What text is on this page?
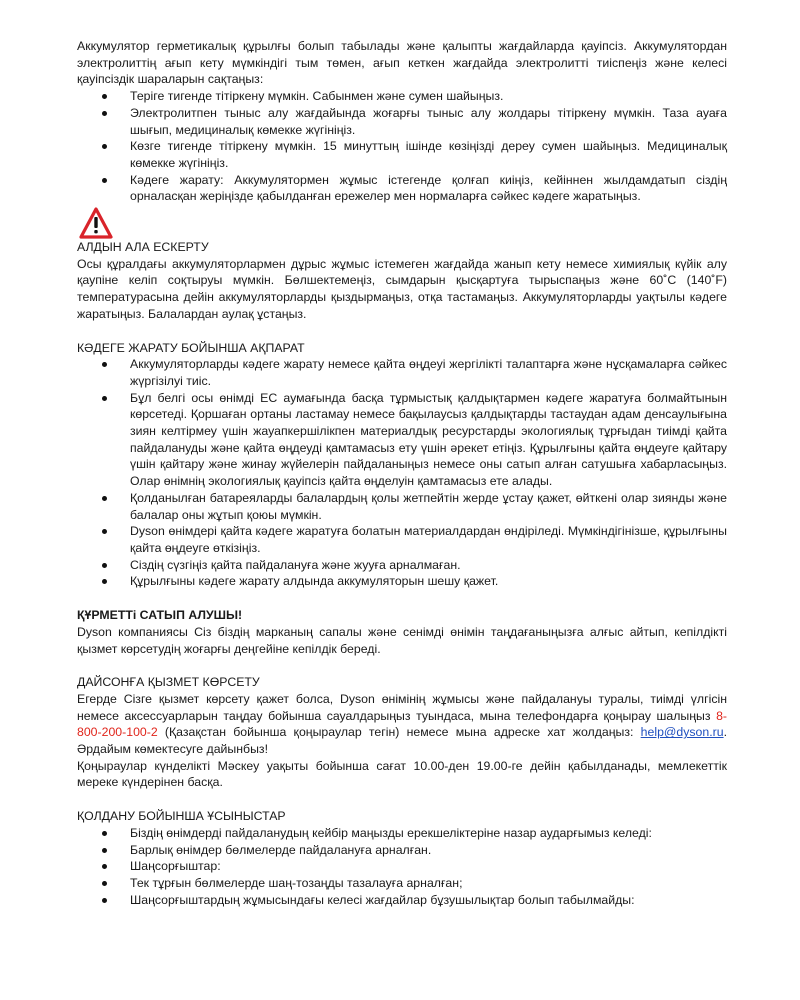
Аккумулятор герметикалық құрылғы болып табылады және қалыпты жағдайларда қауіпсіз. Аккумулятордан электролиттің ағып кету мүмкіндігі тым төмен, ағып кеткен жағдайда электролитті тиіспеңіз және келесі қауіпсіздік шараларын сақтаңыз:

Теріге тигенде тітіркену мүмкін. Сабынмен және сумен шайыңыз.
Электролитпен тыныс алу жағдайында жоғарғы тыныс алу жолдары тітіркену мүмкін. Таза ауаға шығып, медициналық көмекке жүгініңіз.
Көзге тигенде тітіркену мүмкін. 15 минуттың ішінде көзіңізді дереу сумен шайыңыз. Медициналық көмекке жүгініңіз.
Кәдеге жарату: Аккумулятормен жұмыс істегенде қолғап киіңіз, кейіннен жылдамдатып сіздің орналасқан жеріңізде қабылданған ережелер мен нормаларға сәйкес кәдеге жаратыңыз.

АЛДЫН АЛА ЕСКЕРТУ

Осы құралдағы аккумуляторлармен дұрыс жұмыс істемеген жағдайда жанып кету немесе химиялық күйік алу қаупіне келіп соқтыруы мүмкін. Бөлшектемеңіз, сымдарын қысқартуға тырыспаңыз және 60˚C (140˚F) температурасына дейін аккумуляторларды қыздырмаңыз, отқа тастамаңыз. Аккумуляторларды уақтылы кәдеге жаратыңыз. Балалардан аулақ ұстаңыз.

КӘДЕГЕ ЖАРАТУ БОЙЫНША АҚПАРАТ

Аккумуляторларды кәдеге жарату немесе қайта өңдеуі жергілікті талаптарға және нұсқамаларға сәйкес жүргізілуі тиіс.
Бұл белгі осы өнімді ЕС аумағында басқа тұрмыстық қалдықтармен кәдеге жаратуға болмайтынын көрсетеді. Қоршаған ортаны ластамау немесе бақылаусыз қалдықтарды тастаудан адам денсаулығына зиян келтірмеу үшін жауапкершілікпен материалдық ресурстарды экологиялық тұрғыдан тиімді қайта пайдалануды және қайта өңдеуді қамтамасыз ету үшін әрекет етіңіз. Құрылғыны қайта өңдеуге қайтару үшін қайтару және жинау жүйелерін пайдаланыңыз немесе оны сатып алған сатушыға хабарласыңыз. Олар өнімнің экологиялық қауіпсіз қайта өңделуін қамтамасыз ете алады.
Қолданылған батареяларды балалардың қолы жетпейтін жерде ұстау қажет, өйткені олар зиянды және балалар оны жұтып қоюы мүмкін.
Dyson өнімдері қайта кәдеге жаратуға болатын материалдардан өндіріледі. Мүмкіндігінізше, құрылғыны қайта өңдеуге өткізіңіз.
Сіздің сүзгіңіз қайта пайдалануға және жууға арналмаған.
Құрылғыны кәдеге жарату алдында аккумуляторын шешу қажет.

ҚҰРМЕТТі САТЫП АЛУШЫ!

Dyson компаниясы Сіз біздің марканың сапалы және сенімді өнімін таңдағаныңызға алғыс айтып, кепілдікті қызмет көрсетудің жоғарғы деңгейіне кепілдік береді.

ДАЙСОНҒА ҚЫЗМЕТ КӨРСЕТУ

Егерде Сізге қызмет көрсету қажет болса, Dyson өнімінің жұмысы және пайдалануы туралы, тиімді үлгісін немесе аксессуарларын таңдау бойынша сауалдарыңыз туындаса, мына телефондарға қоңырау шалыңыз 8-800-200-100-2 (Қазақстан бойынша қоңыраулар тегін) немесе мына адреске хат жолдаңыз: help@dyson.ru. Әрдайым көмектесуге дайынбыз!

Қоңыраулар күнделікті Мәскеу уақыты бойынша сағат 10.00-ден 19.00-ге дейін қабылданады, мемлекеттік мереке күндерінен басқа.

ҚОЛДАНУ БОЙЫНША ҰСЫНЫСТАР

Біздің өнімдерді пайдаланудың кейбір маңызды ерекшеліктеріне назар аударғымыз келеді:
Барлық өнімдер бөлмелерде пайдалануға арналған.
Шаңсорғыштар:
Тек тұрғын бөлмелерде шаң-тозаңды тазалауға арналған;
Шаңсорғыштардың жұмысындағы келесі жағдайлар бұзушылықтар болып табылмайды:
